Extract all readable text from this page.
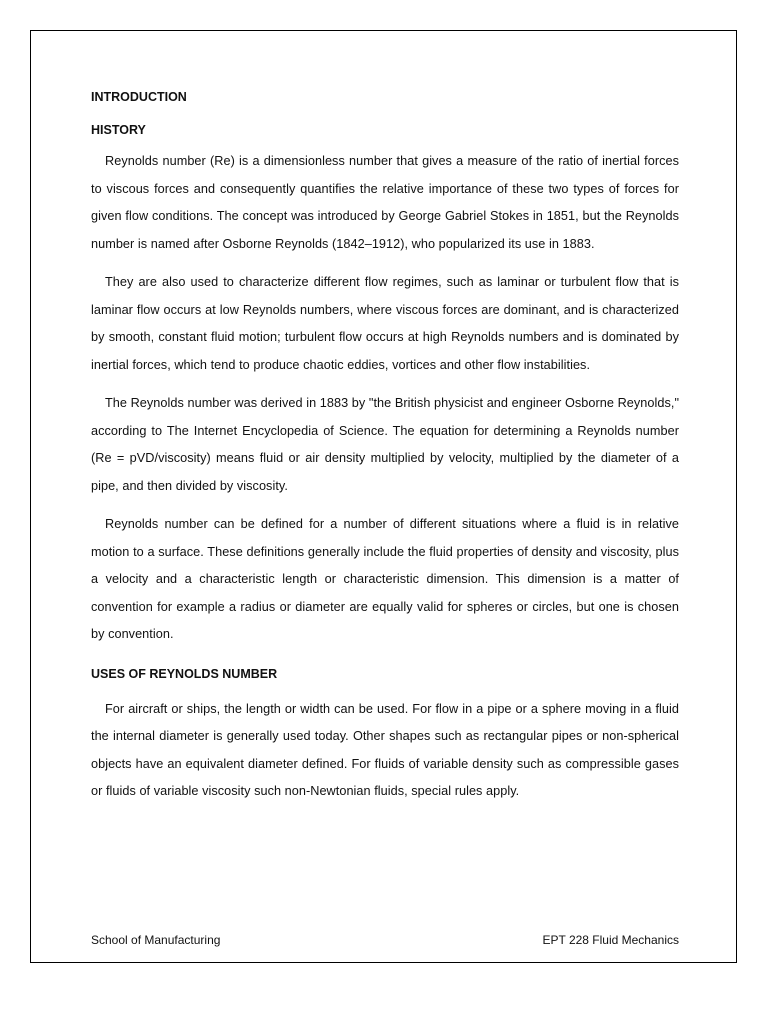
INTRODUCTION

HISTORY

Reynolds number (Re) is a dimensionless number that gives a measure of the ratio of inertial forces to viscous forces and consequently quantifies the relative importance of these two types of forces for given flow conditions. The concept was introduced by George Gabriel Stokes in 1851, but the Reynolds number is named after Osborne Reynolds (1842–1912), who popularized its use in 1883.

They are also used to characterize different flow regimes, such as laminar or turbulent flow that is laminar flow occurs at low Reynolds numbers, where viscous forces are dominant, and is characterized by smooth, constant fluid motion; turbulent flow occurs at high Reynolds numbers and is dominated by inertial forces, which tend to produce chaotic eddies, vortices and other flow instabilities.

The Reynolds number was derived in 1883 by "the British physicist and engineer Osborne Reynolds," according to The Internet Encyclopedia of Science. The equation for determining a Reynolds number (Re = pVD/viscosity) means fluid or air density multiplied by velocity, multiplied by the diameter of a pipe, and then divided by viscosity.

Reynolds number can be defined for a number of different situations where a fluid is in relative motion to a surface. These definitions generally include the fluid properties of density and viscosity, plus a velocity and a characteristic length or characteristic dimension. This dimension is a matter of convention for example a radius or diameter are equally valid for spheres or circles, but one is chosen by convention.

USES OF REYNOLDS NUMBER

For aircraft or ships, the length or width can be used. For flow in a pipe or a sphere moving in a fluid the internal diameter is generally used today. Other shapes such as rectangular pipes or non-spherical objects have an equivalent diameter defined. For fluids of variable density such as compressible gases or fluids of variable viscosity such non-Newtonian fluids, special rules apply.

School of Manufacturing	EPT 228 Fluid Mechanics
